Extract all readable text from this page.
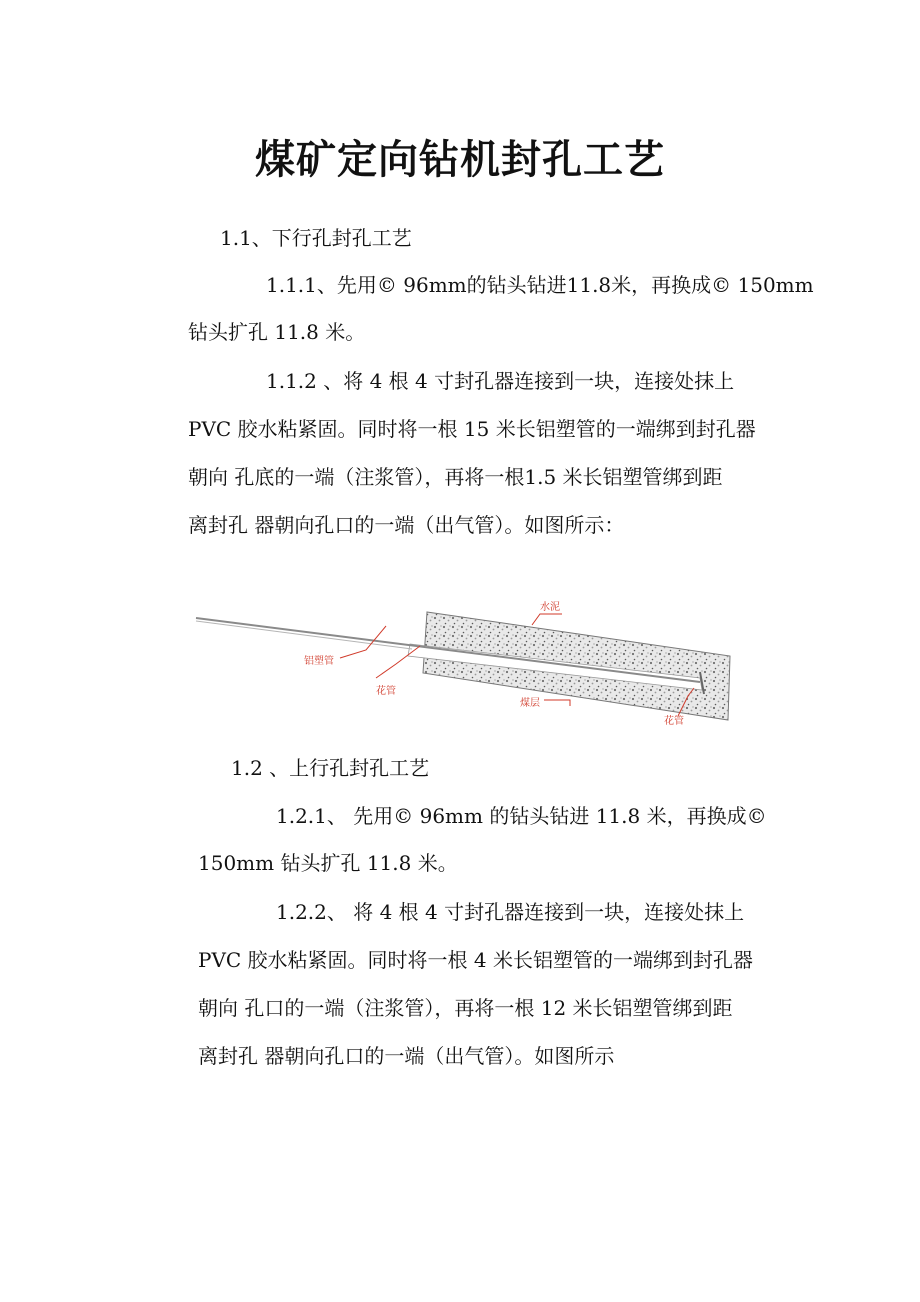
煤矿定向钻机封孔工艺

1.1、下行孔封孔工艺

1.1.1、先用© 96mm的钻头钻进11.8米，再换成© 150mm

钻头扩孔 11.8 米。

1.1.2 、将 4 根 4 寸封孔器连接到一块，连接处抹上

PVC 胶水粘紧固。同时将一根 15 米长铝塑管的一端绑到封孔器

朝向 孔底的一端（注浆管），再将一根1.5 米长铝塑管绑到距

离封孔 器朝向孔口的一端（出气管）。如图所示：

水泥
铝塑管
花管
煤层
花管

1.2 、上行孔封孔工艺

1.2.1、 先用© 96mm 的钻头钻进 11.8 米，再换成©

150mm 钻头扩孔 11.8 米。

1.2.2、 将 4 根 4 寸封孔器连接到一块，连接处抹上

PVC 胶水粘紧固。同时将一根 4 米长铝塑管的一端绑到封孔器

朝向 孔口的一端（注浆管），再将一根 12 米长铝塑管绑到距

离封孔 器朝向孔口的一端（出气管）。如图所示
